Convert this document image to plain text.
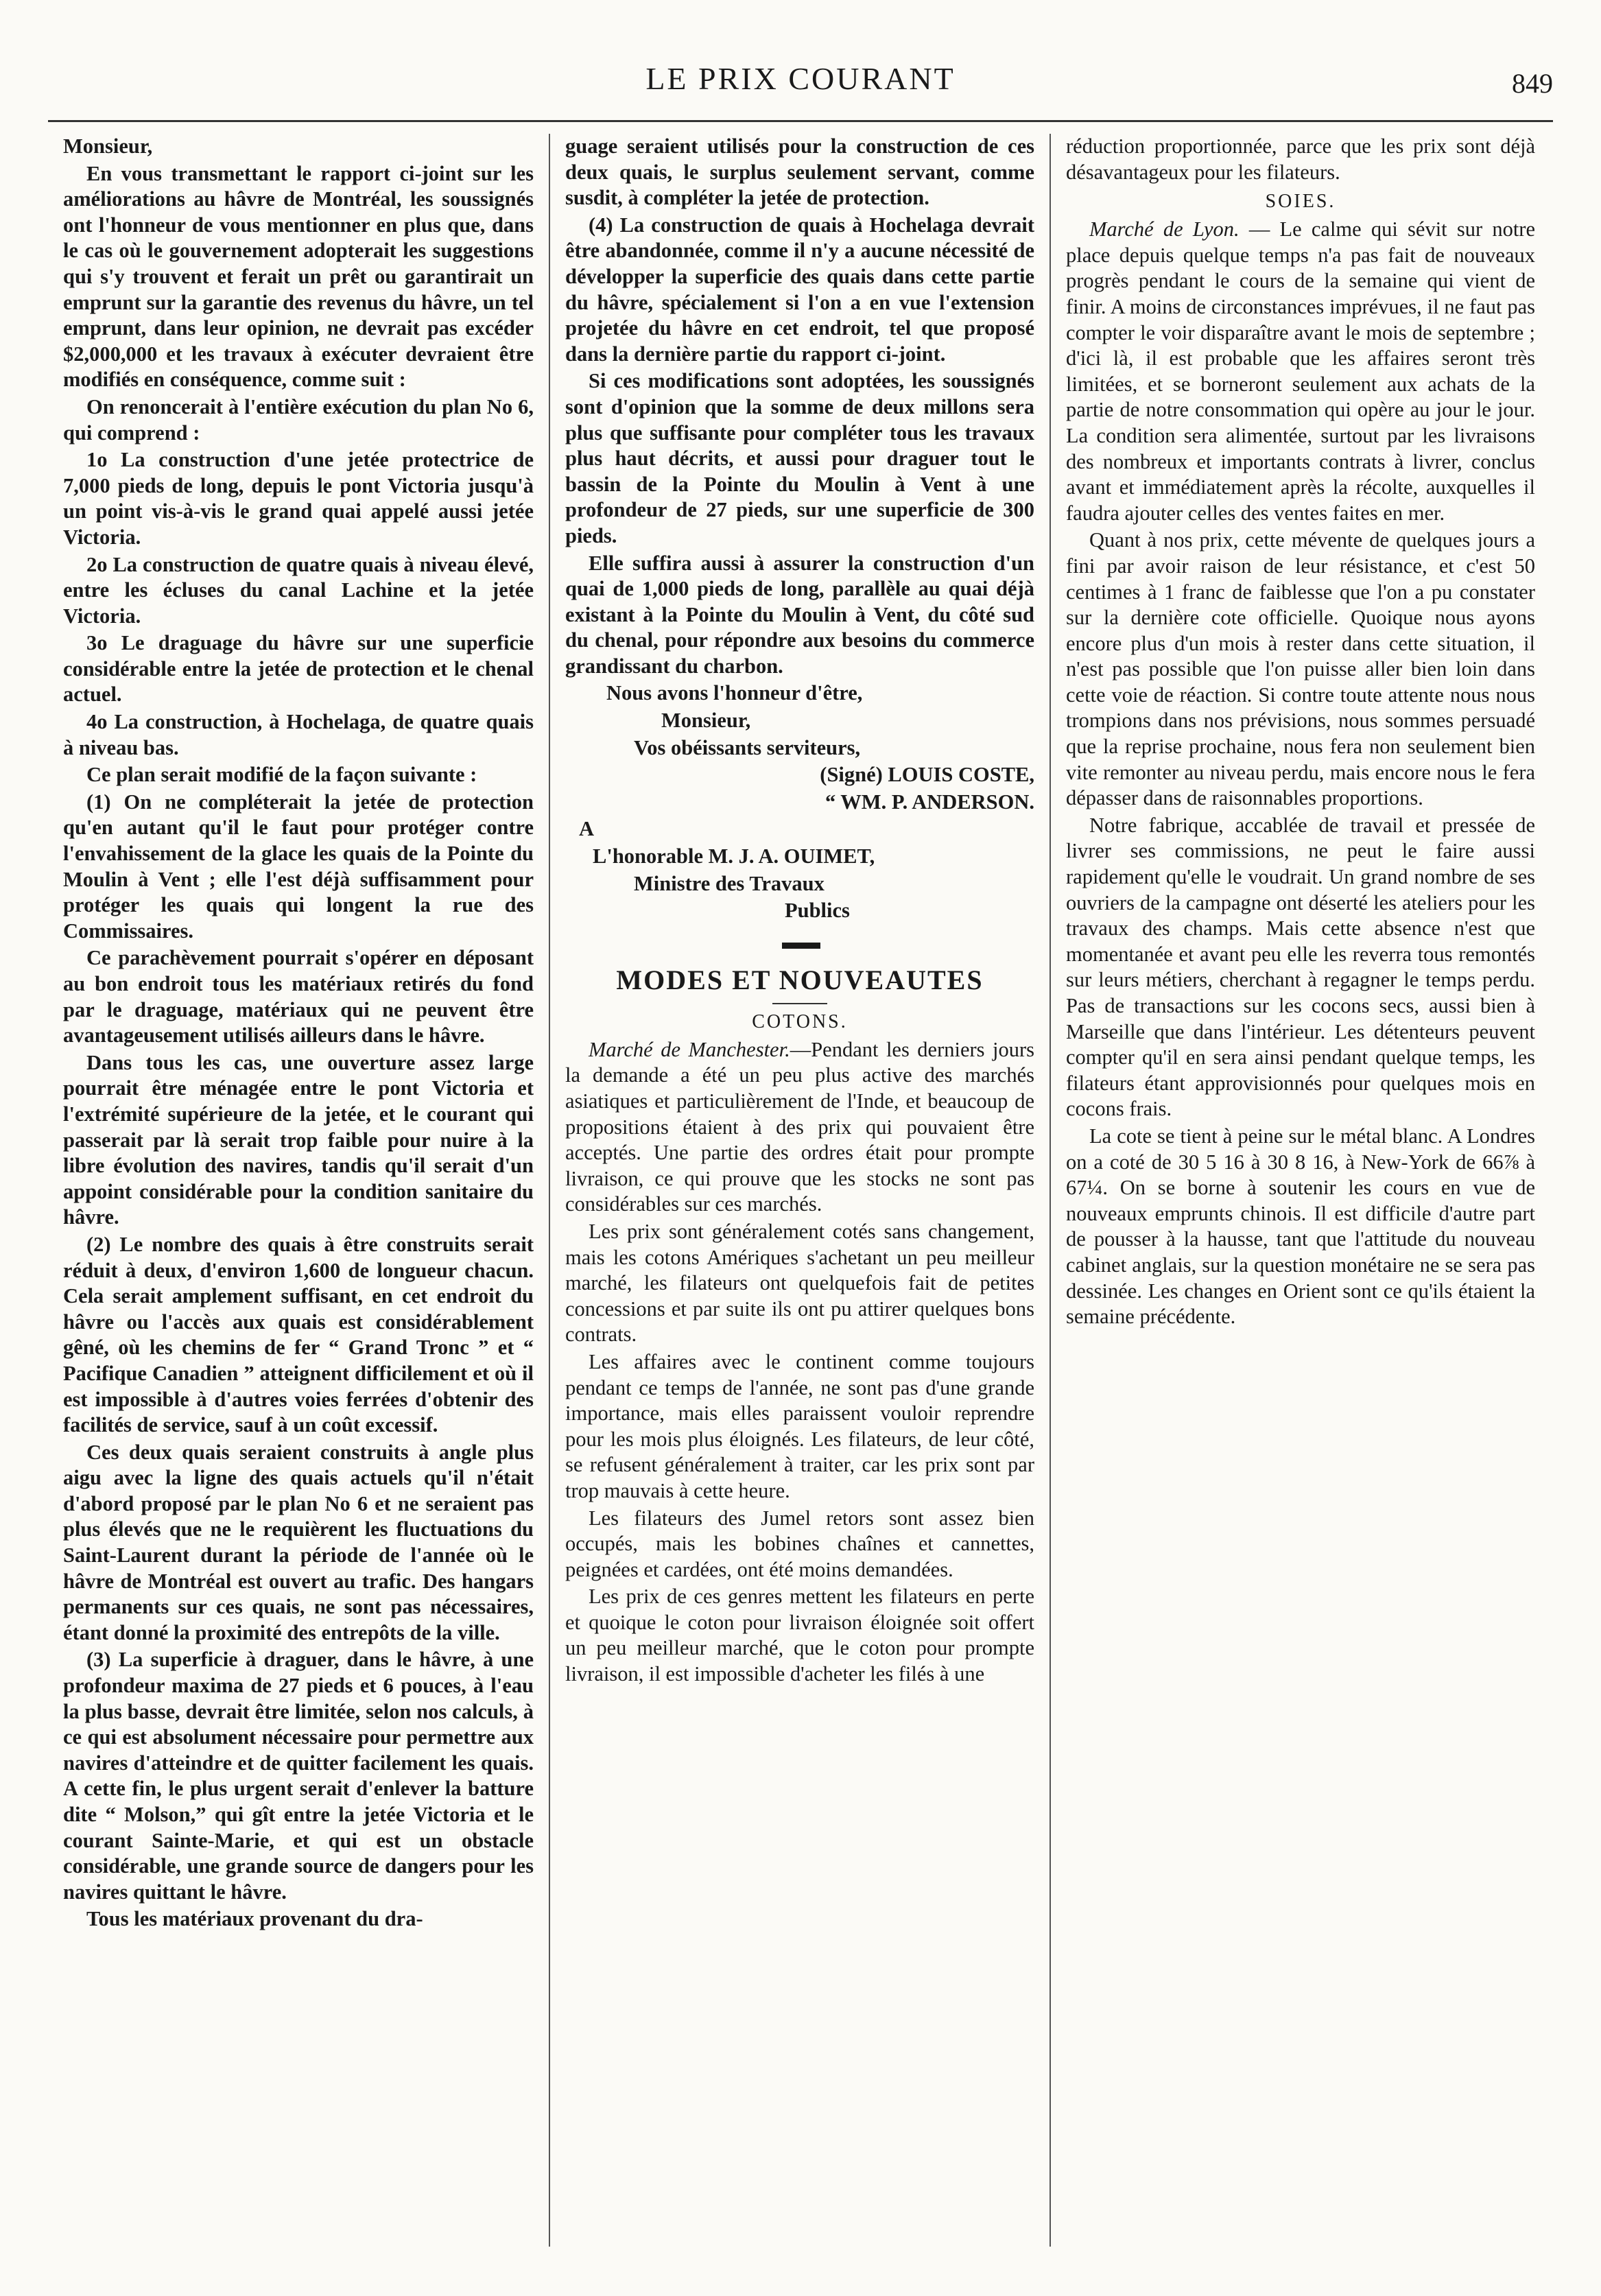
LE PRIX COURANT	849

Monsieur,

En vous transmettant le rapport ci-joint sur les améliorations au hâvre de Montréal, les soussignés ont l'honneur de vous mentionner en plus que, dans le cas où le gouvernement adopterait les suggestions qui s'y trouvent et ferait un prêt ou garantirait un emprunt sur la garantie des revenus du hâvre, un tel emprunt, dans leur opinion, ne devrait pas excéder $2,000,000 et les travaux à exécuter devraient être modifiés en conséquence, comme suit :

On renoncerait à l'entière exécution du plan No 6, qui comprend :

1o La construction d'une jetée protectrice de 7,000 pieds de long, depuis le pont Victoria jusqu'à un point vis-à-vis le grand quai appelé aussi jetée Victoria.

2o La construction de quatre quais à niveau élevé, entre les écluses du canal Lachine et la jetée Victoria.

3o Le draguage du hâvre sur une superficie considérable entre la jetée de protection et le chenal actuel.

4o La construction, à Hochelaga, de quatre quais à niveau bas.

Ce plan serait modifié de la façon suivante :

(1) On ne compléterait la jetée de protection qu'en autant qu'il le faut pour protéger contre l'envahissement de la glace les quais de la Pointe du Moulin à Vent ; elle l'est déjà suffisamment pour protéger les quais qui longent la rue des Commissaires.

Ce parachèvement pourrait s'opérer en déposant au bon endroit tous les matériaux retirés du fond par le draguage, matériaux qui ne peuvent être avantageusement utilisés ailleurs dans le hâvre.

Dans tous les cas, une ouverture assez large pourrait être ménagée entre le pont Victoria et l'extrémité supérieure de la jetée, et le courant qui passerait par là serait trop faible pour nuire à la libre évolution des navires, tandis qu'il serait d'un appoint considérable pour la condition sanitaire du hâvre.

(2) Le nombre des quais à être construits serait réduit à deux, d'environ 1,600 de longueur chacun. Cela serait amplement suffisant, en cet endroit du hâvre ou l'accès aux quais est considérablement gêné, où les chemins de fer “ Grand Tronc ” et “ Pacifique Canadien ” atteignent difficilement et où il est impossible à d'autres voies ferrées d'obtenir des facilités de service, sauf à un coût excessif.

Ces deux quais seraient construits à angle plus aigu avec la ligne des quais actuels qu'il n'était d'abord proposé par le plan No 6 et ne seraient pas plus élevés que ne le requièrent les fluctuations du Saint-Laurent durant la période de l'année où le hâvre de Montréal est ouvert au trafic. Des hangars permanents sur ces quais, ne sont pas nécessaires, étant donné la proximité des entrepôts de la ville.

(3) La superficie à draguer, dans le hâvre, à une profondeur maxima de 27 pieds et 6 pouces, à l'eau la plus basse, devrait être limitée, selon nos calculs, à ce qui est absolument nécessaire pour permettre aux navires d'atteindre et de quitter facilement les quais. A cette fin, le plus urgent serait d'enlever la batture dite “ Molson,” qui gît entre la jetée Victoria et le courant Sainte-Marie, et qui est un obstacle considérable, une grande source de dangers pour les navires quittant le hâvre.

Tous les matériaux provenant du dra-

guage seraient utilisés pour la construction de ces deux quais, le surplus seulement servant, comme susdit, à compléter la jetée de protection.

(4) La construction de quais à Hochelaga devrait être abandonnée, comme il n'y a aucune nécessité de développer la superficie des quais dans cette partie du hâvre, spécialement si l'on a en vue l'extension projetée du hâvre en cet endroit, tel que proposé dans la dernière partie du rapport ci-joint.

Si ces modifications sont adoptées, les soussignés sont d'opinion que la somme de deux millons sera plus que suffisante pour compléter tous les travaux plus haut décrits, et aussi pour draguer tout le bassin de la Pointe du Moulin à Vent à une profondeur de 27 pieds, sur une superficie de 300 pieds.

Elle suffira aussi à assurer la construction d'un quai de 1,000 pieds de long, parallèle au quai déjà existant à la Pointe du Moulin à Vent, du côté sud du chenal, pour répondre aux besoins du commerce grandissant du charbon.

Nous avons l'honneur d'être,

Monsieur,

Vos obéissants serviteurs,

(Signé) LOUIS COSTE,

“ WM. P. ANDERSON.

A

L'honorable M. J. A. OUIMET,

Ministre des Travaux

Publics

▬▬
MODES ET NOUVEAUTES
COTONS.

Marché de Manchester.—Pendant les derniers jours la demande a été un peu plus active des marchés asiatiques et particulièrement de l'Inde, et beaucoup de propositions étaient à des prix qui pouvaient être acceptés. Une partie des ordres était pour prompte livraison, ce qui prouve que les stocks ne sont pas considérables sur ces marchés.

Les prix sont généralement cotés sans changement, mais les cotons Amériques s'achetant un peu meilleur marché, les filateurs ont quelquefois fait de petites concessions et par suite ils ont pu attirer quelques bons contrats.

Les affaires avec le continent comme toujours pendant ce temps de l'année, ne sont pas d'une grande importance, mais elles paraissent vouloir reprendre pour les mois plus éloignés. Les filateurs, de leur côté, se refusent généralement à traiter, car les prix sont par trop mauvais à cette heure.

Les filateurs des Jumel retors sont assez bien occupés, mais les bobines chaînes et cannettes, peignées et cardées, ont été moins demandées.

Les prix de ces genres mettent les filateurs en perte et quoique le coton pour livraison éloignée soit offert un peu meilleur marché, que le coton pour prompte livraison, il est impossible d'acheter les filés à une

réduction proportionnée, parce que les prix sont déjà désavantageux pour les filateurs.

SOIES.

Marché de Lyon. — Le calme qui sévit sur notre place depuis quelque temps n'a pas fait de nouveaux progrès pendant le cours de la semaine qui vient de finir. A moins de circonstances imprévues, il ne faut pas compter le voir disparaître avant le mois de septembre ; d'ici là, il est probable que les affaires seront très limitées, et se borneront seulement aux achats de la partie de notre consommation qui opère au jour le jour. La condition sera alimentée, surtout par les livraisons des nombreux et importants contrats à livrer, conclus avant et immédiatement après la récolte, auxquelles il faudra ajouter celles des ventes faites en mer.

Quant à nos prix, cette mévente de quelques jours a fini par avoir raison de leur résistance, et c'est 50 centimes à 1 franc de faiblesse que l'on a pu constater sur la dernière cote officielle. Quoique nous ayons encore plus d'un mois à rester dans cette situation, il n'est pas possible que l'on puisse aller bien loin dans cette voie de réaction. Si contre toute attente nous nous trompions dans nos prévisions, nous sommes persuadé que la reprise prochaine, nous fera non seulement bien vite remonter au niveau perdu, mais encore nous le fera dépasser dans de raisonnables proportions.

Notre fabrique, accablée de travail et pressée de livrer ses commissions, ne peut le faire aussi rapidement qu'elle le voudrait. Un grand nombre de ses ouvriers de la campagne ont déserté les ateliers pour les travaux des champs. Mais cette absence n'est que momentanée et avant peu elle les reverra tous remontés sur leurs métiers, cherchant à regagner le temps perdu. Pas de transactions sur les cocons secs, aussi bien à Marseille que dans l'intérieur. Les détenteurs peuvent compter qu'il en sera ainsi pendant quelque temps, les filateurs étant approvisionnés pour quelques mois en cocons frais.

La cote se tient à peine sur le métal blanc. A Londres on a coté de 30 5 16 à 30 8 16, à New-York de 66⅞ à 67¼. On se borne à soutenir les cours en vue de nouveaux emprunts chinois. Il est difficile d'autre part de pousser à la hausse, tant que l'attitude du nouveau cabinet anglais, sur la question monétaire ne se sera pas dessinée. Les changes en Orient sont ce qu'ils étaient la semaine précédente.
